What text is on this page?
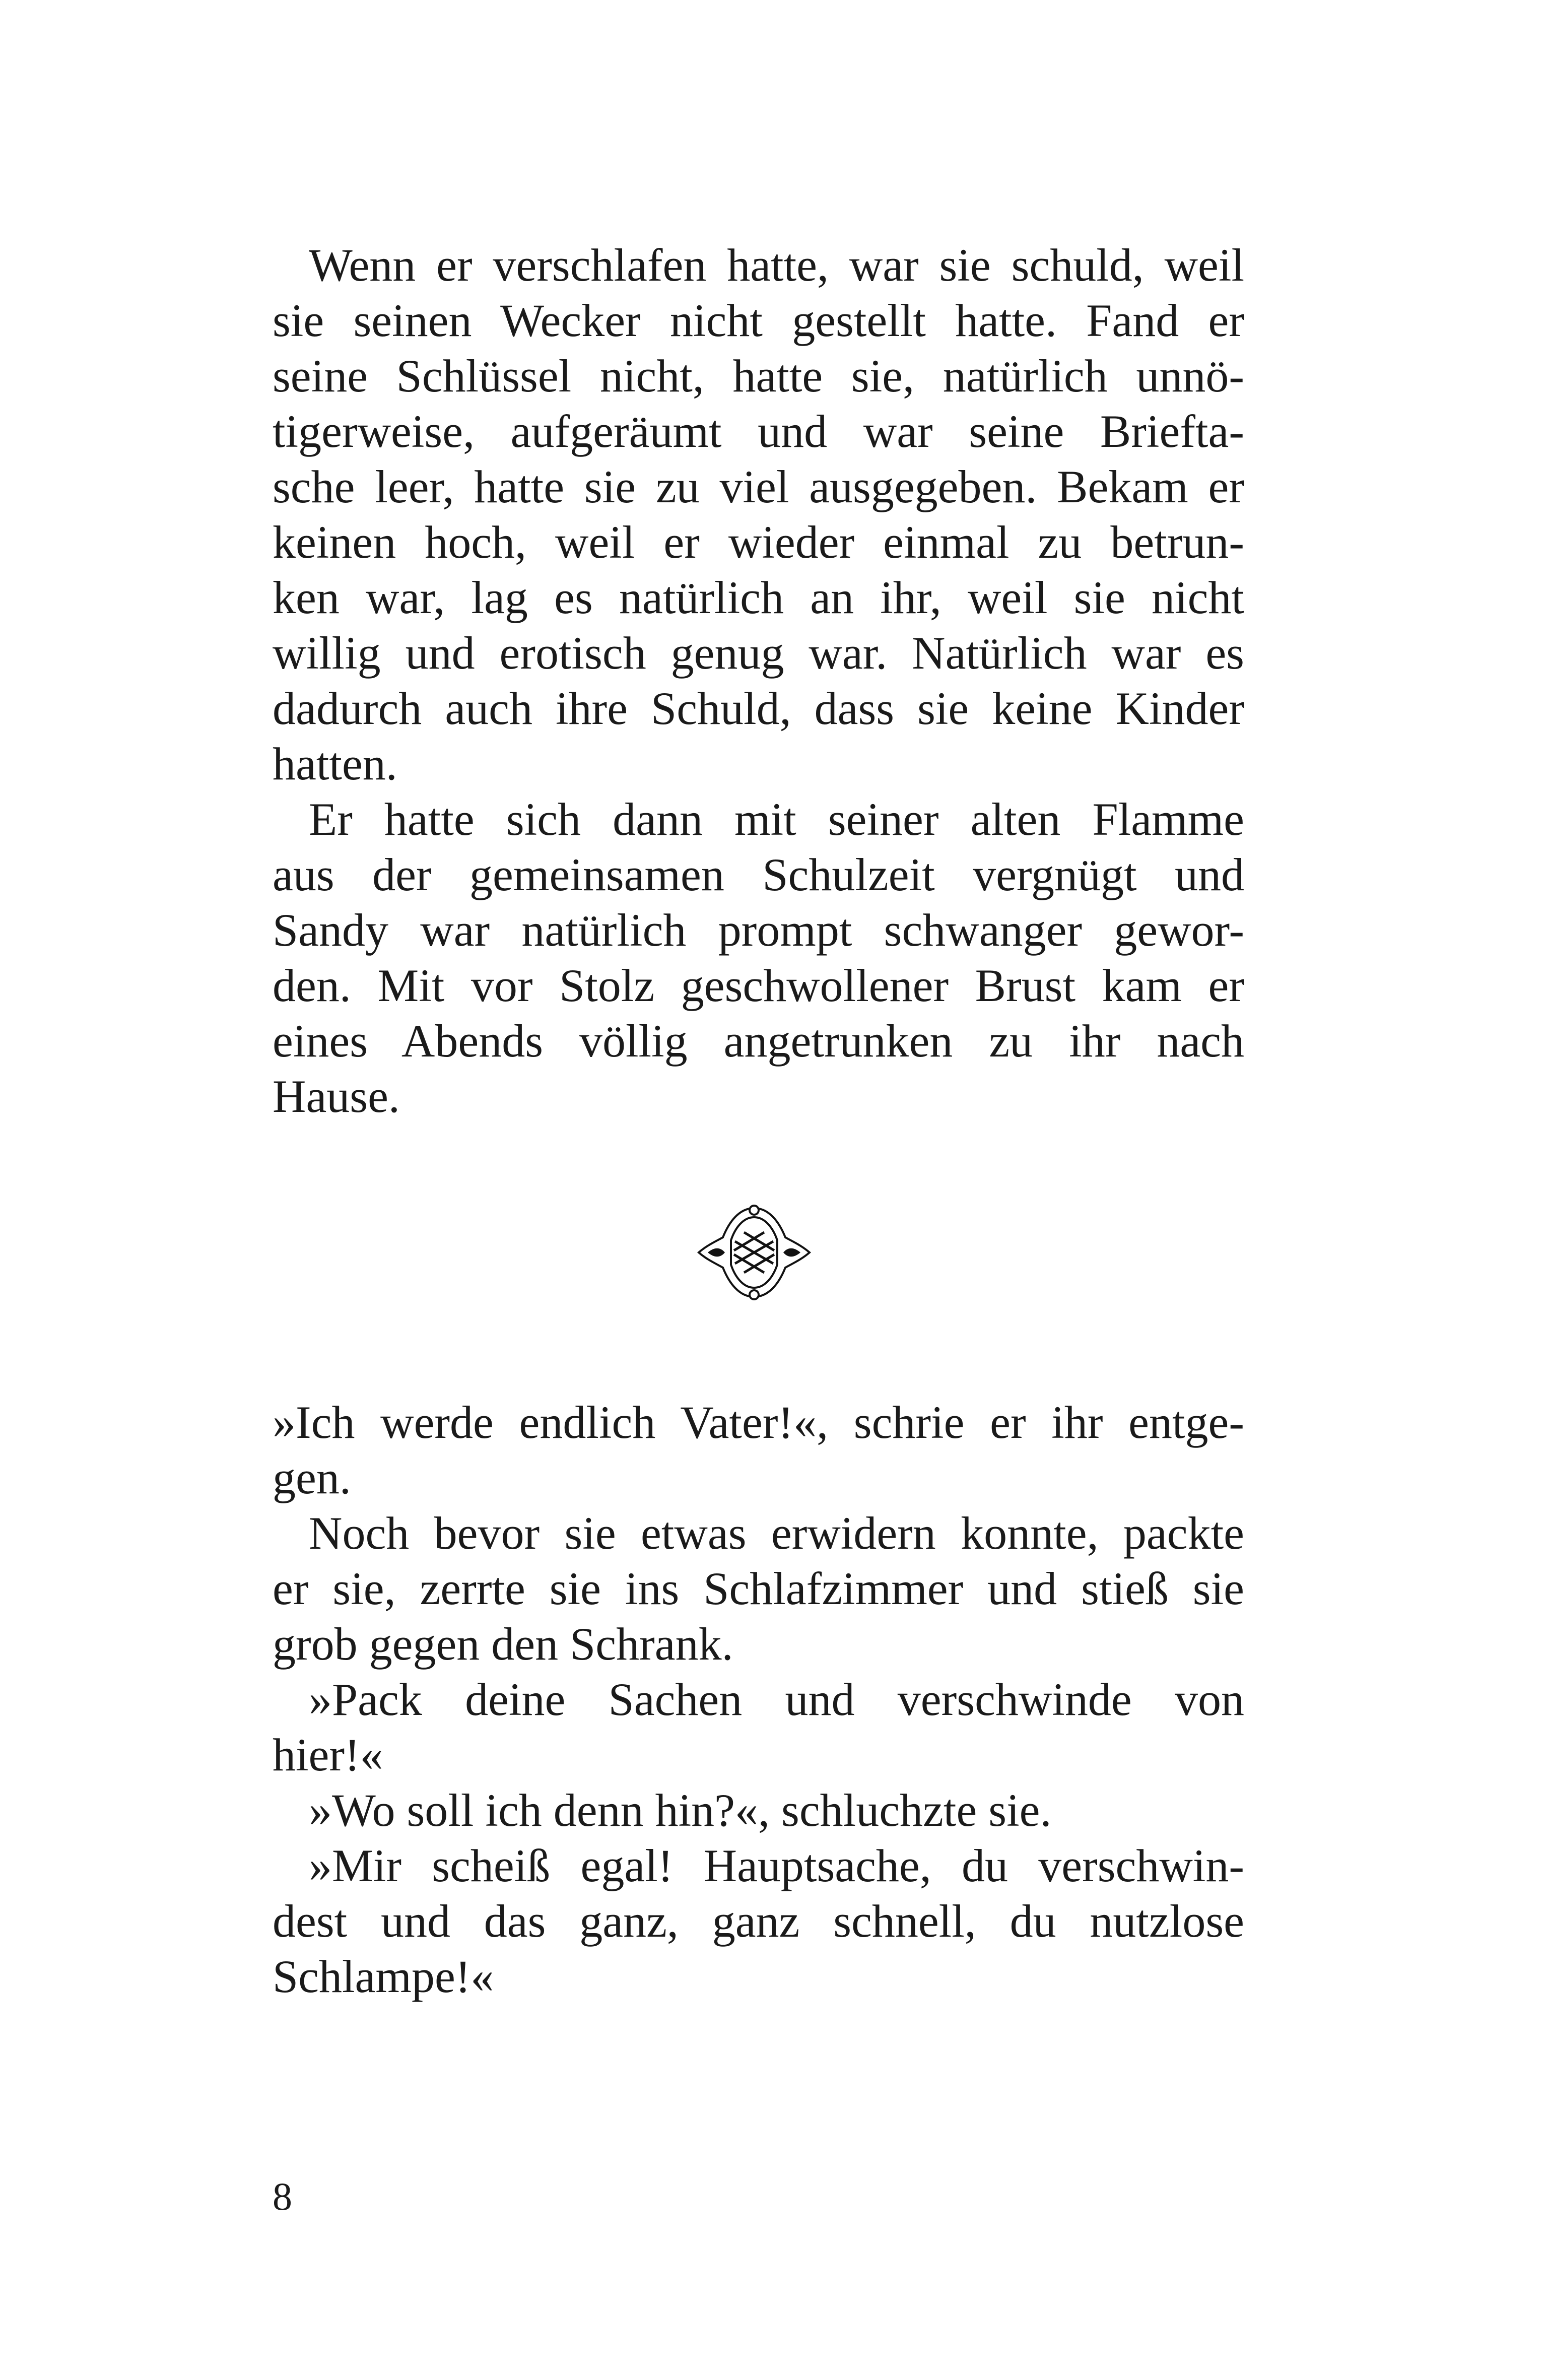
Wenn er verschlafen hatte, war sie schuld, weil
sie seinen Wecker nicht gestellt hatte. Fand er
seine Schlüssel nicht, hatte sie, natürlich unnö-
tigerweise, aufgeräumt und war seine Briefta-
sche leer, hatte sie zu viel ausgegeben. Bekam er
keinen hoch, weil er wieder einmal zu betrun-
ken war, lag es natürlich an ihr, weil sie nicht
willig und erotisch genug war. Natürlich war es
dadurch auch ihre Schuld, dass sie keine Kinder
hatten.
Er hatte sich dann mit seiner alten Flamme
aus der gemeinsamen Schulzeit vergnügt und
Sandy war natürlich prompt schwanger gewor-
den. Mit vor Stolz geschwollener Brust kam er
eines Abends völlig angetrunken zu ihr nach
Hause.
»Ich werde endlich Vater!«, schrie er ihr entge-
gen.
Noch bevor sie etwas erwidern konnte, packte
er sie, zerrte sie ins Schlafzimmer und stieß sie
grob gegen den Schrank.
»Pack deine Sachen und verschwinde von
hier!«
»Wo soll ich denn hin?«, schluchzte sie.
»Mir scheiß egal! Hauptsache, du verschwin-
dest und das ganz, ganz schnell, du nutzlose
Schlampe!«
8
